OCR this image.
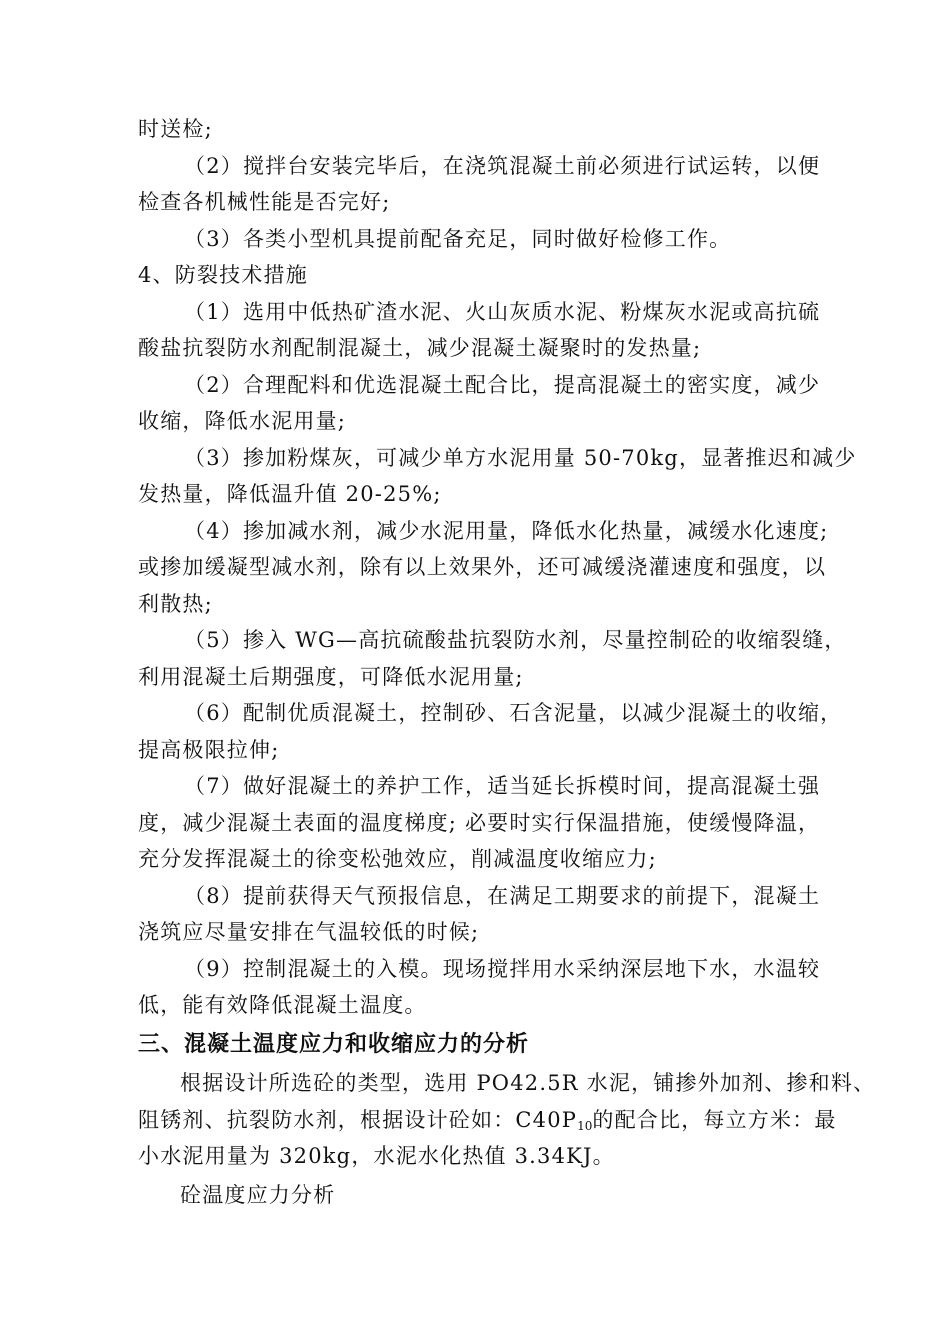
时送检;
（2）搅拌台安装完毕后，在浇筑混凝土前必须进行试运转，以便
检查各机械性能是否完好;
（3）各类小型机具提前配备充足，同时做好检修工作。
4、防裂技术措施
（1）选用中低热矿渣水泥、火山灰质水泥、粉煤灰水泥或高抗硫
酸盐抗裂防水剂配制混凝土，减少混凝土凝聚时的发热量;
（2）合理配料和优选混凝土配合比，提高混凝土的密实度，减少
收缩，降低水泥用量;
（3）掺加粉煤灰，可减少单方水泥用量 50-70kg，显著推迟和减少
发热量，降低温升值 20-25%;
（4）掺加减水剂，减少水泥用量，降低水化热量，减缓水化速度;
或掺加缓凝型减水剂，除有以上效果外，还可减缓浇灌速度和强度，以
利散热;
（5）掺入 WG—高抗硫酸盐抗裂防水剂，尽量控制砼的收缩裂缝，
利用混凝土后期强度，可降低水泥用量;
（6）配制优质混凝土，控制砂、石含泥量，以减少混凝土的收缩，
提高极限拉伸;
（7）做好混凝土的养护工作，适当延长拆模时间，提高混凝土强
度，减少混凝土表面的温度梯度; 必要时实行保温措施，使缓慢降温，
充分发挥混凝土的徐变松弛效应，削减温度收缩应力;
（8）提前获得天气预报信息，在满足工期要求的前提下，混凝土
浇筑应尽量安排在气温较低的时候;
（9）控制混凝土的入模。现场搅拌用水采纳深层地下水，水温较
低，能有效降低混凝土温度。
三、混凝土温度应力和收缩应力的分析
根据设计所选砼的类型，选用 PO42.5R 水泥，铺掺外加剂、掺和料、
阻锈剂、抗裂防水剂，根据设计砼如：$C40P_{10}$的配合比，每立方米：最
小水泥用量为 320kg，水泥水化热值 3.34KJ。
砼温度应力分析
